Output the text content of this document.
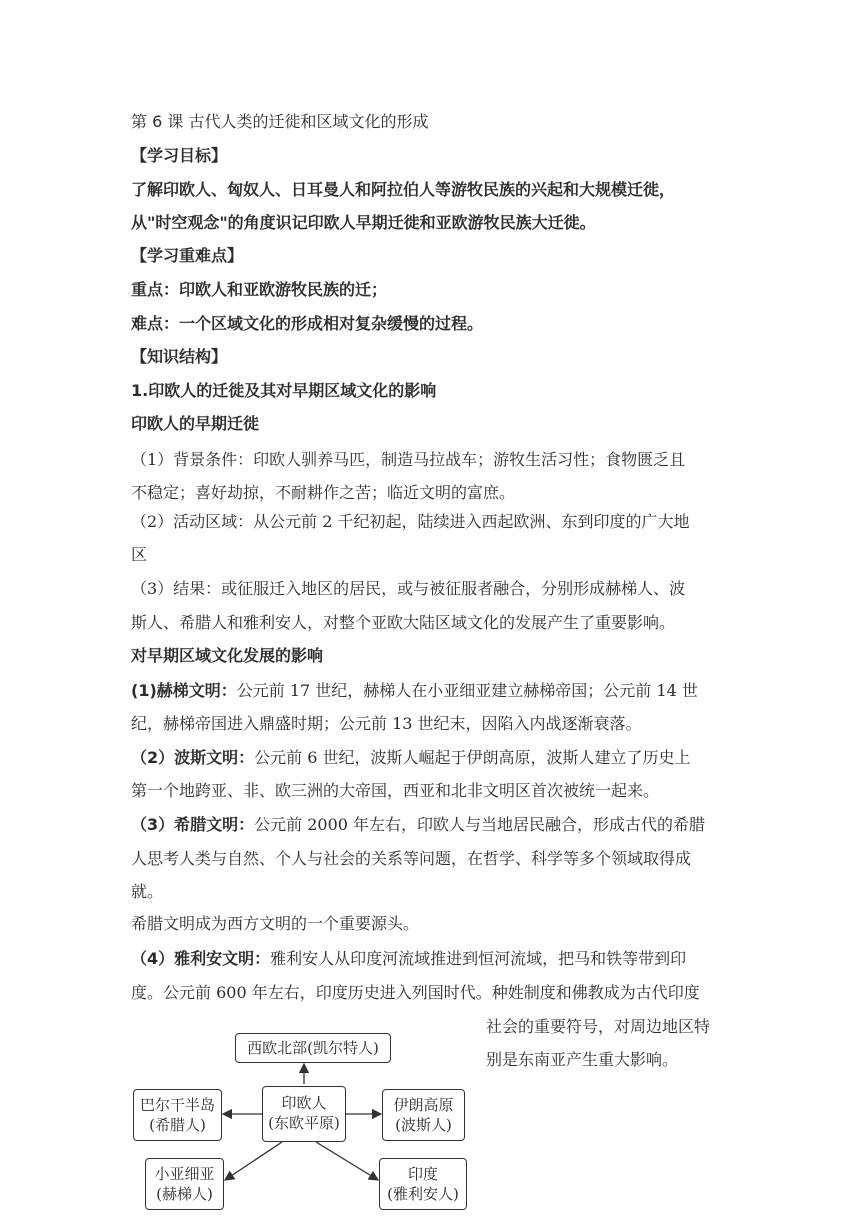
第 6 课 古代人类的迁徙和区域文化的形成
【学习目标】
了解印欧人、匈奴人、日耳曼人和阿拉伯人等游牧民族的兴起和大规模迁徙，
从"时空观念"的角度识记印欧人早期迁徙和亚欧游牧民族大迁徙。
【学习重难点】
重点：印欧人和亚欧游牧民族的迁；
难点：一个区域文化的形成相对复杂缓慢的过程。
【知识结构】
1.印欧人的迁徙及其对早期区域文化的影响
印欧人的早期迁徙
（1）背景条件：印欧人驯养马匹，制造马拉战车；游牧生活习性；食物匮乏且
不稳定；喜好劫掠，不耐耕作之苦；临近文明的富庶。
（2）活动区域：从公元前 2 千纪初起，陆续进入西起欧洲、东到印度的广大地
区
（3）结果：或征服迁入地区的居民，或与被征服者融合，分别形成赫梯人、波
斯人、希腊人和雅利安人，对整个亚欧大陆区域文化的发展产生了重要影响。
对早期区域文化发展的影响
(1)赫梯文明：公元前 17 世纪，赫梯人在小亚细亚建立赫梯帝国；公元前 14 世
纪，赫梯帝国进入鼎盛时期；公元前 13 世纪末，因陷入内战逐渐衰落。
（2）波斯文明：公元前 6 世纪，波斯人崛起于伊朗高原，波斯人建立了历史上
第一个地跨亚、非、欧三洲的大帝国，西亚和北非文明区首次被统一起来。
（3）希腊文明：公元前 2000 年左右，印欧人与当地居民融合，形成古代的希腊
人思考人类与自然、个人与社会的关系等问题，在哲学、科学等多个领域取得成
就。
希腊文明成为西方文明的一个重要源头。
（4）雅利安文明：雅利安人从印度河流域推进到恒河流域，把马和铁等带到印
度。公元前 600 年左右，印度历史进入列国时代。种姓制度和佛教成为古代印度
社会的重要符号，对周边地区特
别是东南亚产生重大影响。
西欧北部(凯尔特人)
印欧人
(东欧平原)
巴尔干半岛
(希腊人)
伊朗高原
(波斯人)
小亚细亚
(赫梯人)
印度
(雅利安人)
